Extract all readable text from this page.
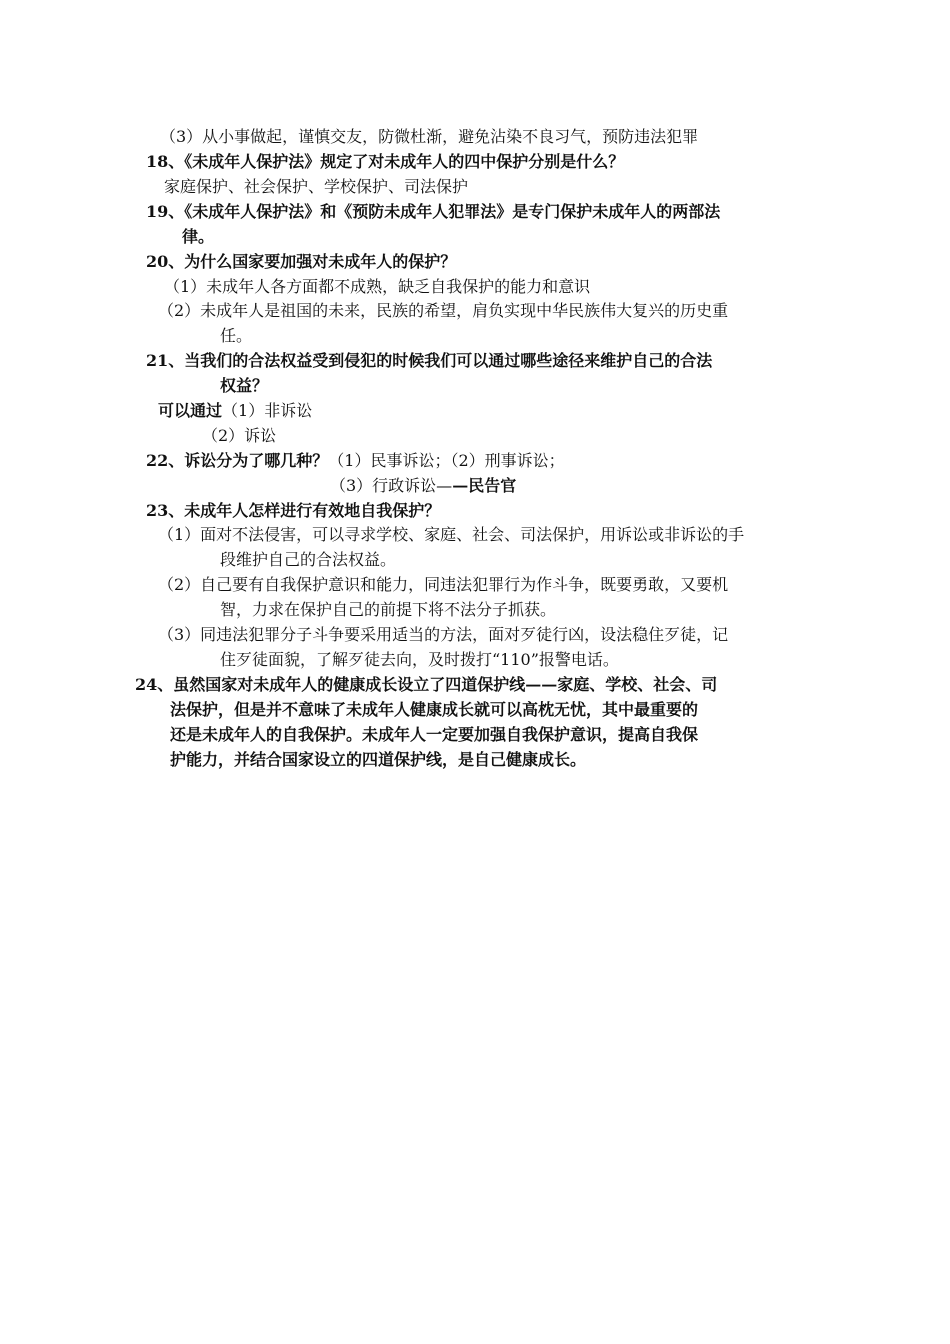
（3）从小事做起，谨慎交友，防微杜渐，避免沾染不良习气，预防违法犯罪
18、《未成年人保护法》规定了对未成年人的四中保护分别是什么？
家庭保护、社会保护、学校保护、司法保护
19、《未成年人保护法》和《预防未成年人犯罪法》是专门保护未成年人的两部法
律。
20、为什么国家要加强对未成年人的保护？
（1）未成年人各方面都不成熟，缺乏自我保护的能力和意识
（2）未成年人是祖国的未来，民族的希望，肩负实现中华民族伟大复兴的历史重
任。
21、当我们的合法权益受到侵犯的时候我们可以通过哪些途径来维护自己的合法
权益？
可以通过（1）非诉讼
（2）诉讼
22、诉讼分为了哪几种？（1）民事诉讼；（2）刑事诉讼；
（3）行政诉讼——民告官
23、未成年人怎样进行有效地自我保护？
（1）面对不法侵害，可以寻求学校、家庭、社会、司法保护，用诉讼或非诉讼的手
段维护自己的合法权益。
（2）自己要有自我保护意识和能力，同违法犯罪行为作斗争，既要勇敢，又要机
智，力求在保护自己的前提下将不法分子抓获。
（3）同违法犯罪分子斗争要采用适当的方法，面对歹徒行凶，设法稳住歹徒，记
住歹徒面貌，了解歹徒去向，及时拨打“110”报警电话。
24、虽然国家对未成年人的健康成长设立了四道保护线——家庭、学校、社会、司
法保护，但是并不意味了未成年人健康成长就可以高枕无忧，其中最重要的
还是未成年人的自我保护。未成年人一定要加强自我保护意识，提高自我保
护能力，并结合国家设立的四道保护线，是自己健康成长。
